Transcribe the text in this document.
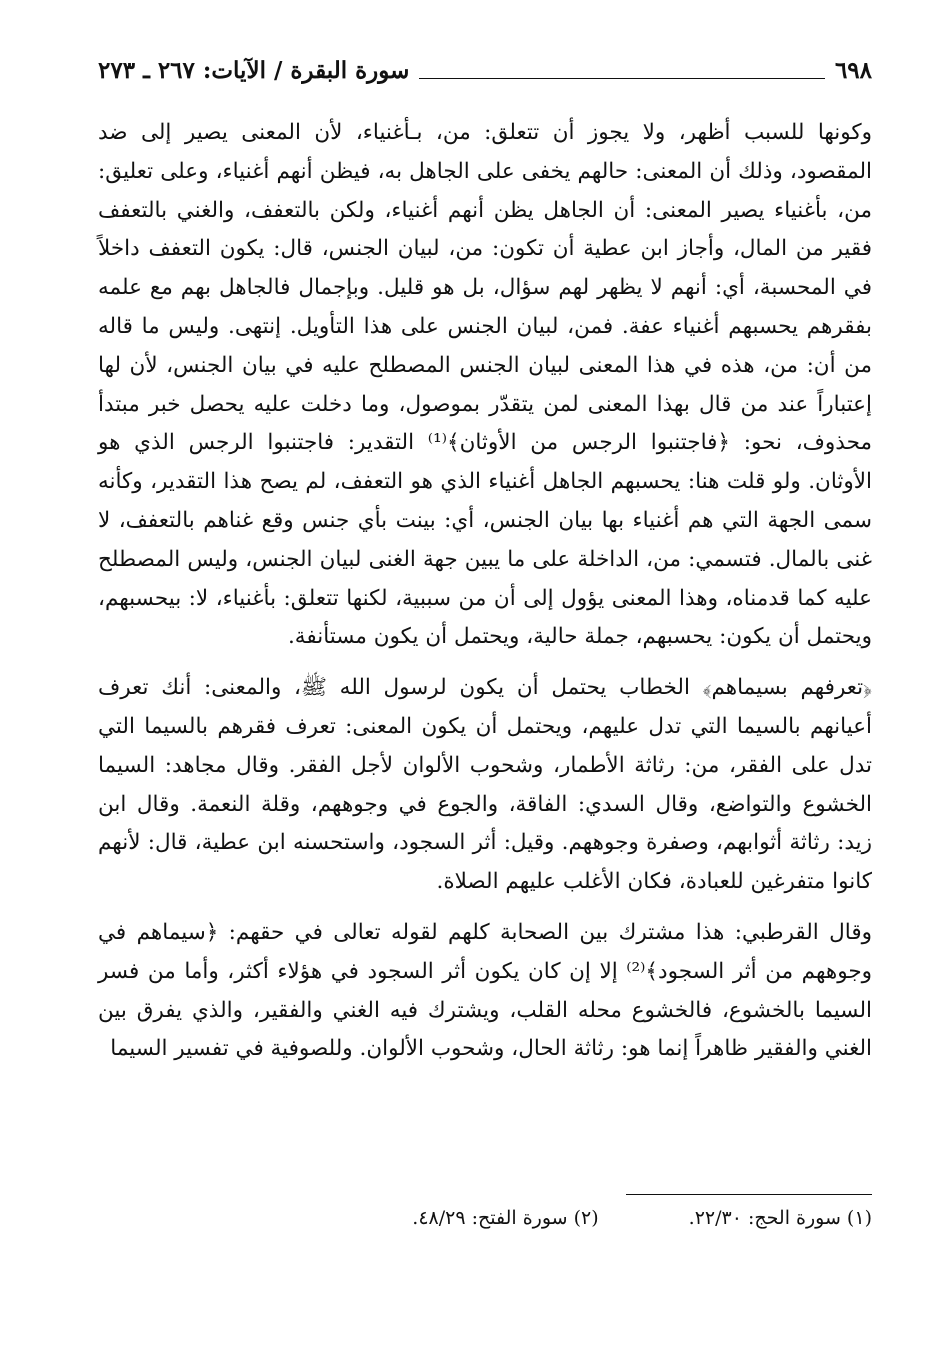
٦٩٨
سورة البقرة / الآيات: ٢٦٧ ـ ٢٧٣

وكونها للسبب أظهر، ولا يجوز أن تتعلق: من، بـأغنياء، لأن المعنى يصير إلى ضد المقصود، وذلك أن المعنى: حالهم يخفى على الجاهل به، فيظن أنهم أغنياء، وعلى تعليق: من، بأغنياء يصير المعنى: أن الجاهل يظن أنهم أغنياء، ولكن بالتعفف، والغني بالتعفف فقير من المال، وأجاز ابن عطية أن تكون: من، لبيان الجنس، قال: يكون التعفف داخلاً في المحسبة، أي: أنهم لا يظهر لهم سؤال، بل هو قليل. وبإجمال فالجاهل بهم مع علمه بفقرهم يحسبهم أغنياء عفة. فمن، لبيان الجنس على هذا التأويل. إنتهى. وليس ما قاله من أن: من، هذه في هذا المعنى لبيان الجنس المصطلح عليه في بيان الجنس، لأن لها إعتباراً عند من قال بهذا المعنى لمن يتقدّر بموصول، وما دخلت عليه يحصل خبر مبتدأ محذوف، نحو: ﴿فاجتنبوا الرجس من الأوثان﴾⁽¹⁾ التقدير: فاجتنبوا الرجس الذي هو الأوثان. ولو قلت هنا: يحسبهم الجاهل أغنياء الذي هو التعفف، لم يصح هذا التقدير، وكأنه سمى الجهة التي هم أغنياء بها بيان الجنس، أي: بينت بأي جنس وقع غناهم بالتعفف، لا غنى بالمال. فتسمي: من، الداخلة على ما يبين جهة الغنى لبيان الجنس، وليس المصطلح عليه كما قدمناه، وهذا المعنى يؤول إلى أن من سببية، لكنها تتعلق: بأغنياء، لا: بيحسبهم، ويحتمل أن يكون: يحسبهم، جملة حالية، ويحتمل أن يكون مستأنفة.

﴿تعرفهم بسيماهم﴾ الخطاب يحتمل أن يكون لرسول الله ﷺ، والمعنى: أنك تعرف أعيانهم بالسيما التي تدل عليهم، ويحتمل أن يكون المعنى: تعرف فقرهم بالسيما التي تدل على الفقر، من: رثاثة الأطمار، وشحوب الألوان لأجل الفقر. وقال مجاهد: السيما الخشوع والتواضع، وقال السدي: الفاقة، والجوع في وجوههم، وقلة النعمة. وقال ابن زيد: رثاثة أثوابهم، وصفرة وجوههم. وقيل: أثر السجود، واستحسنه ابن عطية، قال: لأنهم كانوا متفرغين للعبادة، فكان الأغلب عليهم الصلاة.

وقال القرطبي: هذا مشترك بين الصحابة كلهم لقوله تعالى في حقهم: ﴿سيماهم في وجوههم من أثر السجود﴾⁽²⁾ إلا إن كان يكون أثر السجود في هؤلاء أكثر، وأما من فسر السيما بالخشوع، فالخشوع محله القلب، ويشترك فيه الغني والفقير، والذي يفرق بين الغني والفقير ظاهراً إنما هو: رثاثة الحال، وشحوب الألوان. وللصوفية في تفسير السيما

(١) سورة الحج: ٢٢/٣٠.
(٢) سورة الفتح: ٤٨/٢٩.
